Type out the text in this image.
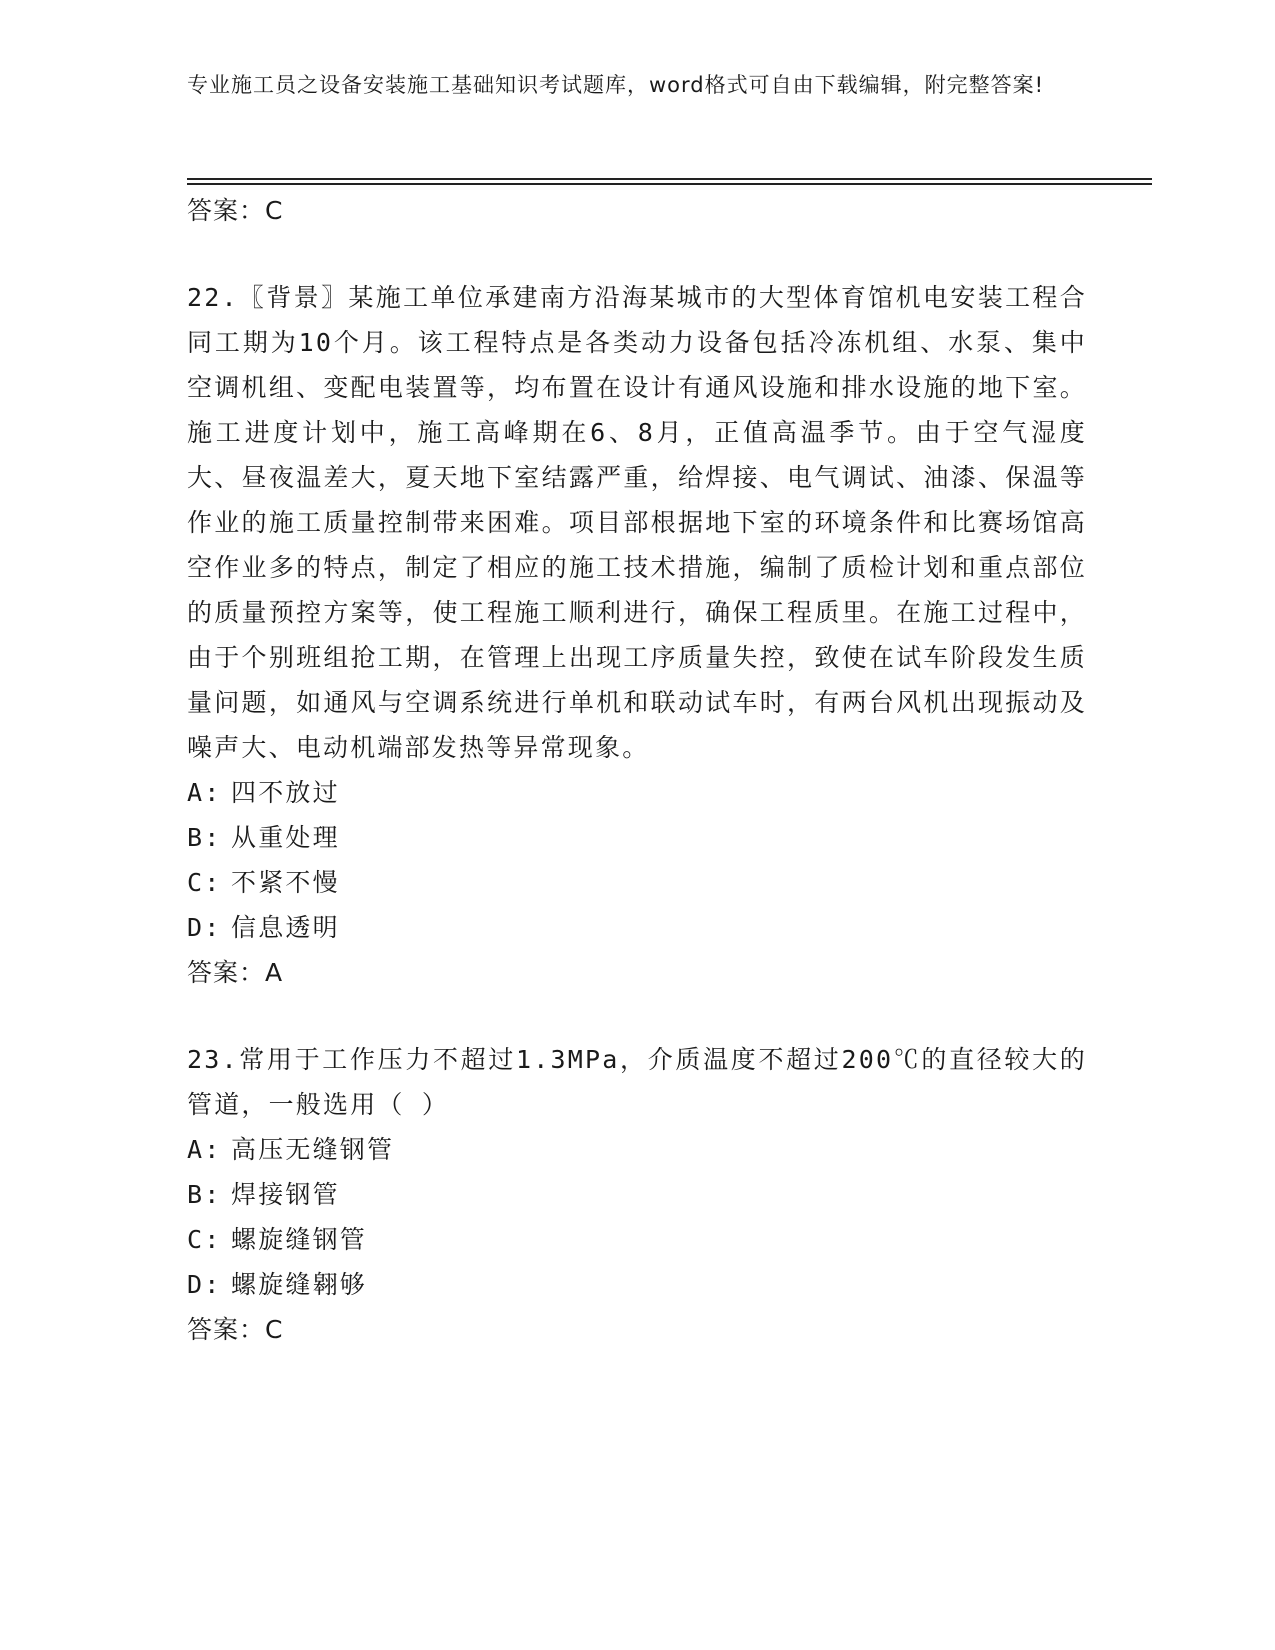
专业施工员之设备安装施工基础知识考试题库，word格式可自由下载编辑，附完整答案!

答案：C

22.〖背景〗某施工单位承建南方沿海某城市的大型体育馆机电安装工程合同工期为10个月。该工程特点是各类动力设备包括冷冻机组、水泵、集中空调机组、变配电装置等，均布置在设计有通风设施和排水设施的地下室。施工进度计划中，施工高峰期在6、8月，正值高温季节。由于空气湿度大、昼夜温差大，夏天地下室结露严重，给焊接、电气调试、油漆、保温等作业的施工质量控制带来困难。项目部根据地下室的环境条件和比赛场馆高空作业多的特点，制定了相应的施工技术措施，编制了质检计划和重点部位的质量预控方案等，使工程施工顺利进行，确保工程质里。在施工过程中，由于个别班组抢工期，在管理上出现工序质量失控，致使在试车阶段发生质量问题，如通风与空调系统进行单机和联动试车时，有两台风机出现振动及噪声大、电动机端部发热等异常现象。

A: 四不放过

B: 从重处理

C: 不紧不慢

D: 信息透明

答案：A

23.常用于工作压力不超过1.3MPa，介质温度不超过200℃的直径较大的管道，一般选用（ ）

A: 高压无缝钢管

B: 焊接钢管

C: 螺旋缝钢管

D: 螺旋缝翱够

答案：C
